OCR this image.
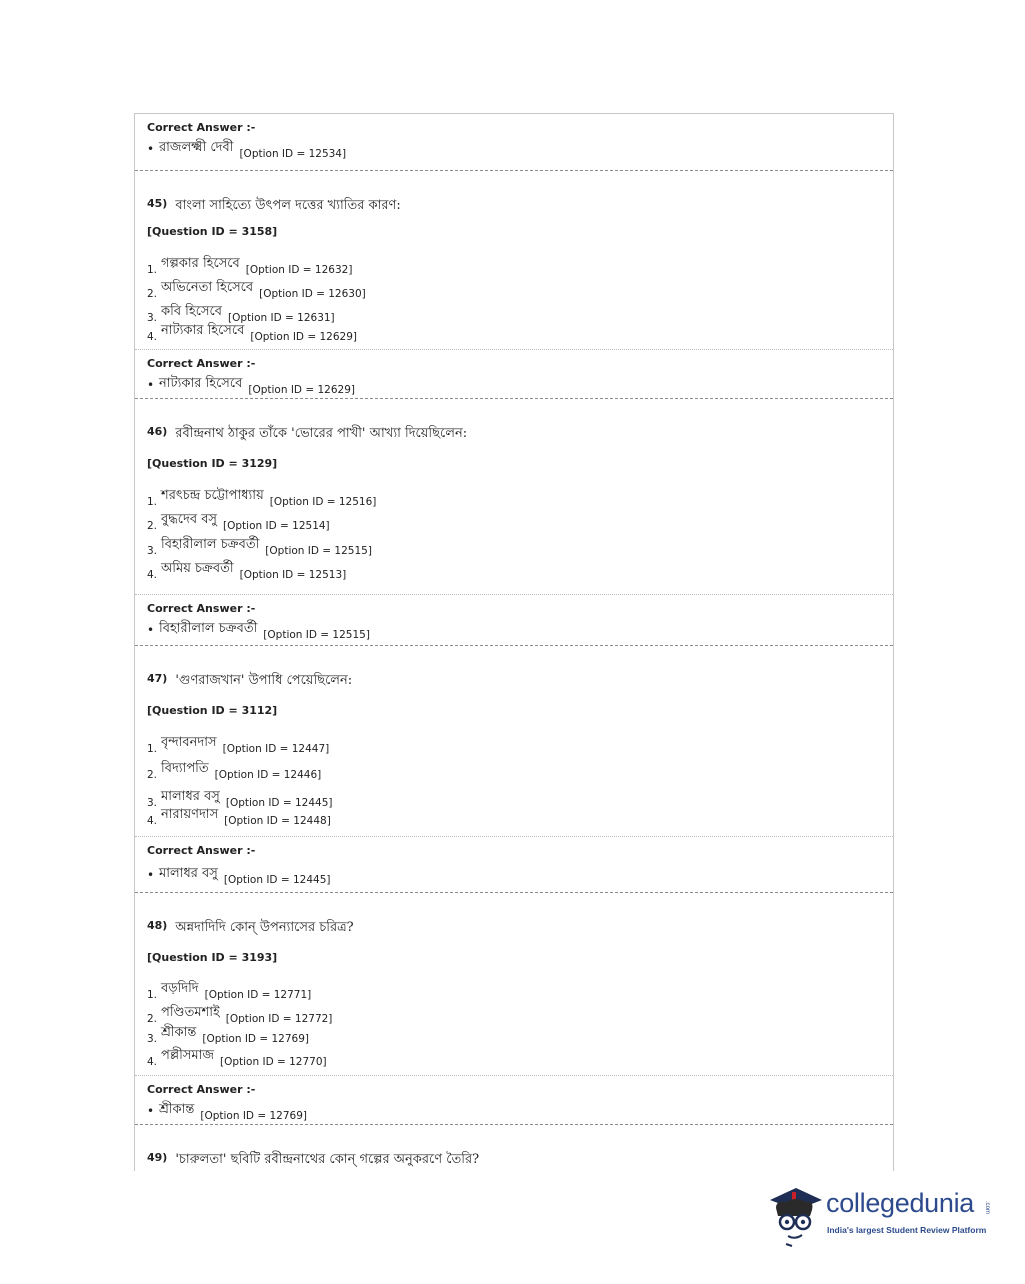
Correct Answer :-
• রাজলক্ষ্মী দেবী [Option ID = 12534]
45) বাংলা সাহিত্যে উৎপল দত্তের খ্যাতির কারণ:
[Question ID = 3158]
1. গল্পকার হিসেবে [Option ID = 12632]
2. অভিনেতা হিসেবে [Option ID = 12630]
3. কবি হিসেবে [Option ID = 12631]
4. নাট্যকার হিসেবে [Option ID = 12629]
Correct Answer :-
• নাট্যকার হিসেবে [Option ID = 12629]
46) রবীন্দ্রনাথ ঠাকুর তাঁকে 'ভোরের পাখী' আখ্যা দিয়েছিলেন:
[Question ID = 3129]
1. শরৎচন্দ্র চট্টোপাধ্যায় [Option ID = 12516]
2. বুদ্ধদেব বসু [Option ID = 12514]
3. বিহারীলাল চক্রবর্তী [Option ID = 12515]
4. অমিয় চক্রবর্তী [Option ID = 12513]
Correct Answer :-
• বিহারীলাল চক্রবর্তী [Option ID = 12515]
47) 'গুণরাজখান' উপাধি পেয়েছিলেন:
[Question ID = 3112]
1. বৃন্দাবনদাস [Option ID = 12447]
2. বিদ্যাপতি [Option ID = 12446]
3. মালাধর বসু [Option ID = 12445]
4. নারায়ণদাস [Option ID = 12448]
Correct Answer :-
• মালাধর বসু [Option ID = 12445]
48) অন্নদাদিদি কোন্ উপন্যাসের চরিত্র?
[Question ID = 3193]
1. বড়দিদি [Option ID = 12771]
2. পণ্ডিতমশাই [Option ID = 12772]
3. শ্রীকান্ত [Option ID = 12769]
4. পল্লীসমাজ [Option ID = 12770]
Correct Answer :-
• শ্রীকান্ত [Option ID = 12769]
49) 'চারুলতা' ছবিটি রবীন্দ্রনাথের কোন্ গল্পের অনুকরণে তৈরি?
collegedunia .com
India's largest Student Review Platform
